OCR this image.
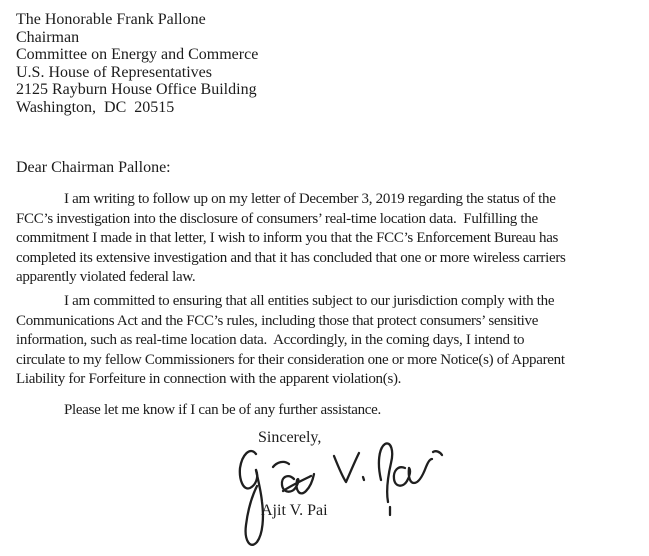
The Honorable Frank Pallone
Chairman
Committee on Energy and Commerce
U.S. House of Representatives
2125 Rayburn House Office Building
Washington,  DC  20515
Dear Chairman Pallone:
I am writing to follow up on my letter of December 3, 2019 regarding the status of the
FCC’s investigation into the disclosure of consumers’ real-time location data.  Fulfilling the
commitment I made in that letter, I wish to inform you that the FCC’s Enforcement Bureau has
completed its extensive investigation and that it has concluded that one or more wireless carriers
apparently violated federal law.
I am committed to ensuring that all entities subject to our jurisdiction comply with the
Communications Act and the FCC’s rules, including those that protect consumers’ sensitive
information, such as real-time location data.  Accordingly, in the coming days, I intend to
circulate to my fellow Commissioners for their consideration one or more Notice(s) of Apparent
Liability for Forfeiture in connection with the apparent violation(s).
Please let me know if I can be of any further assistance.
Sincerely,
Ajit V. Pai
